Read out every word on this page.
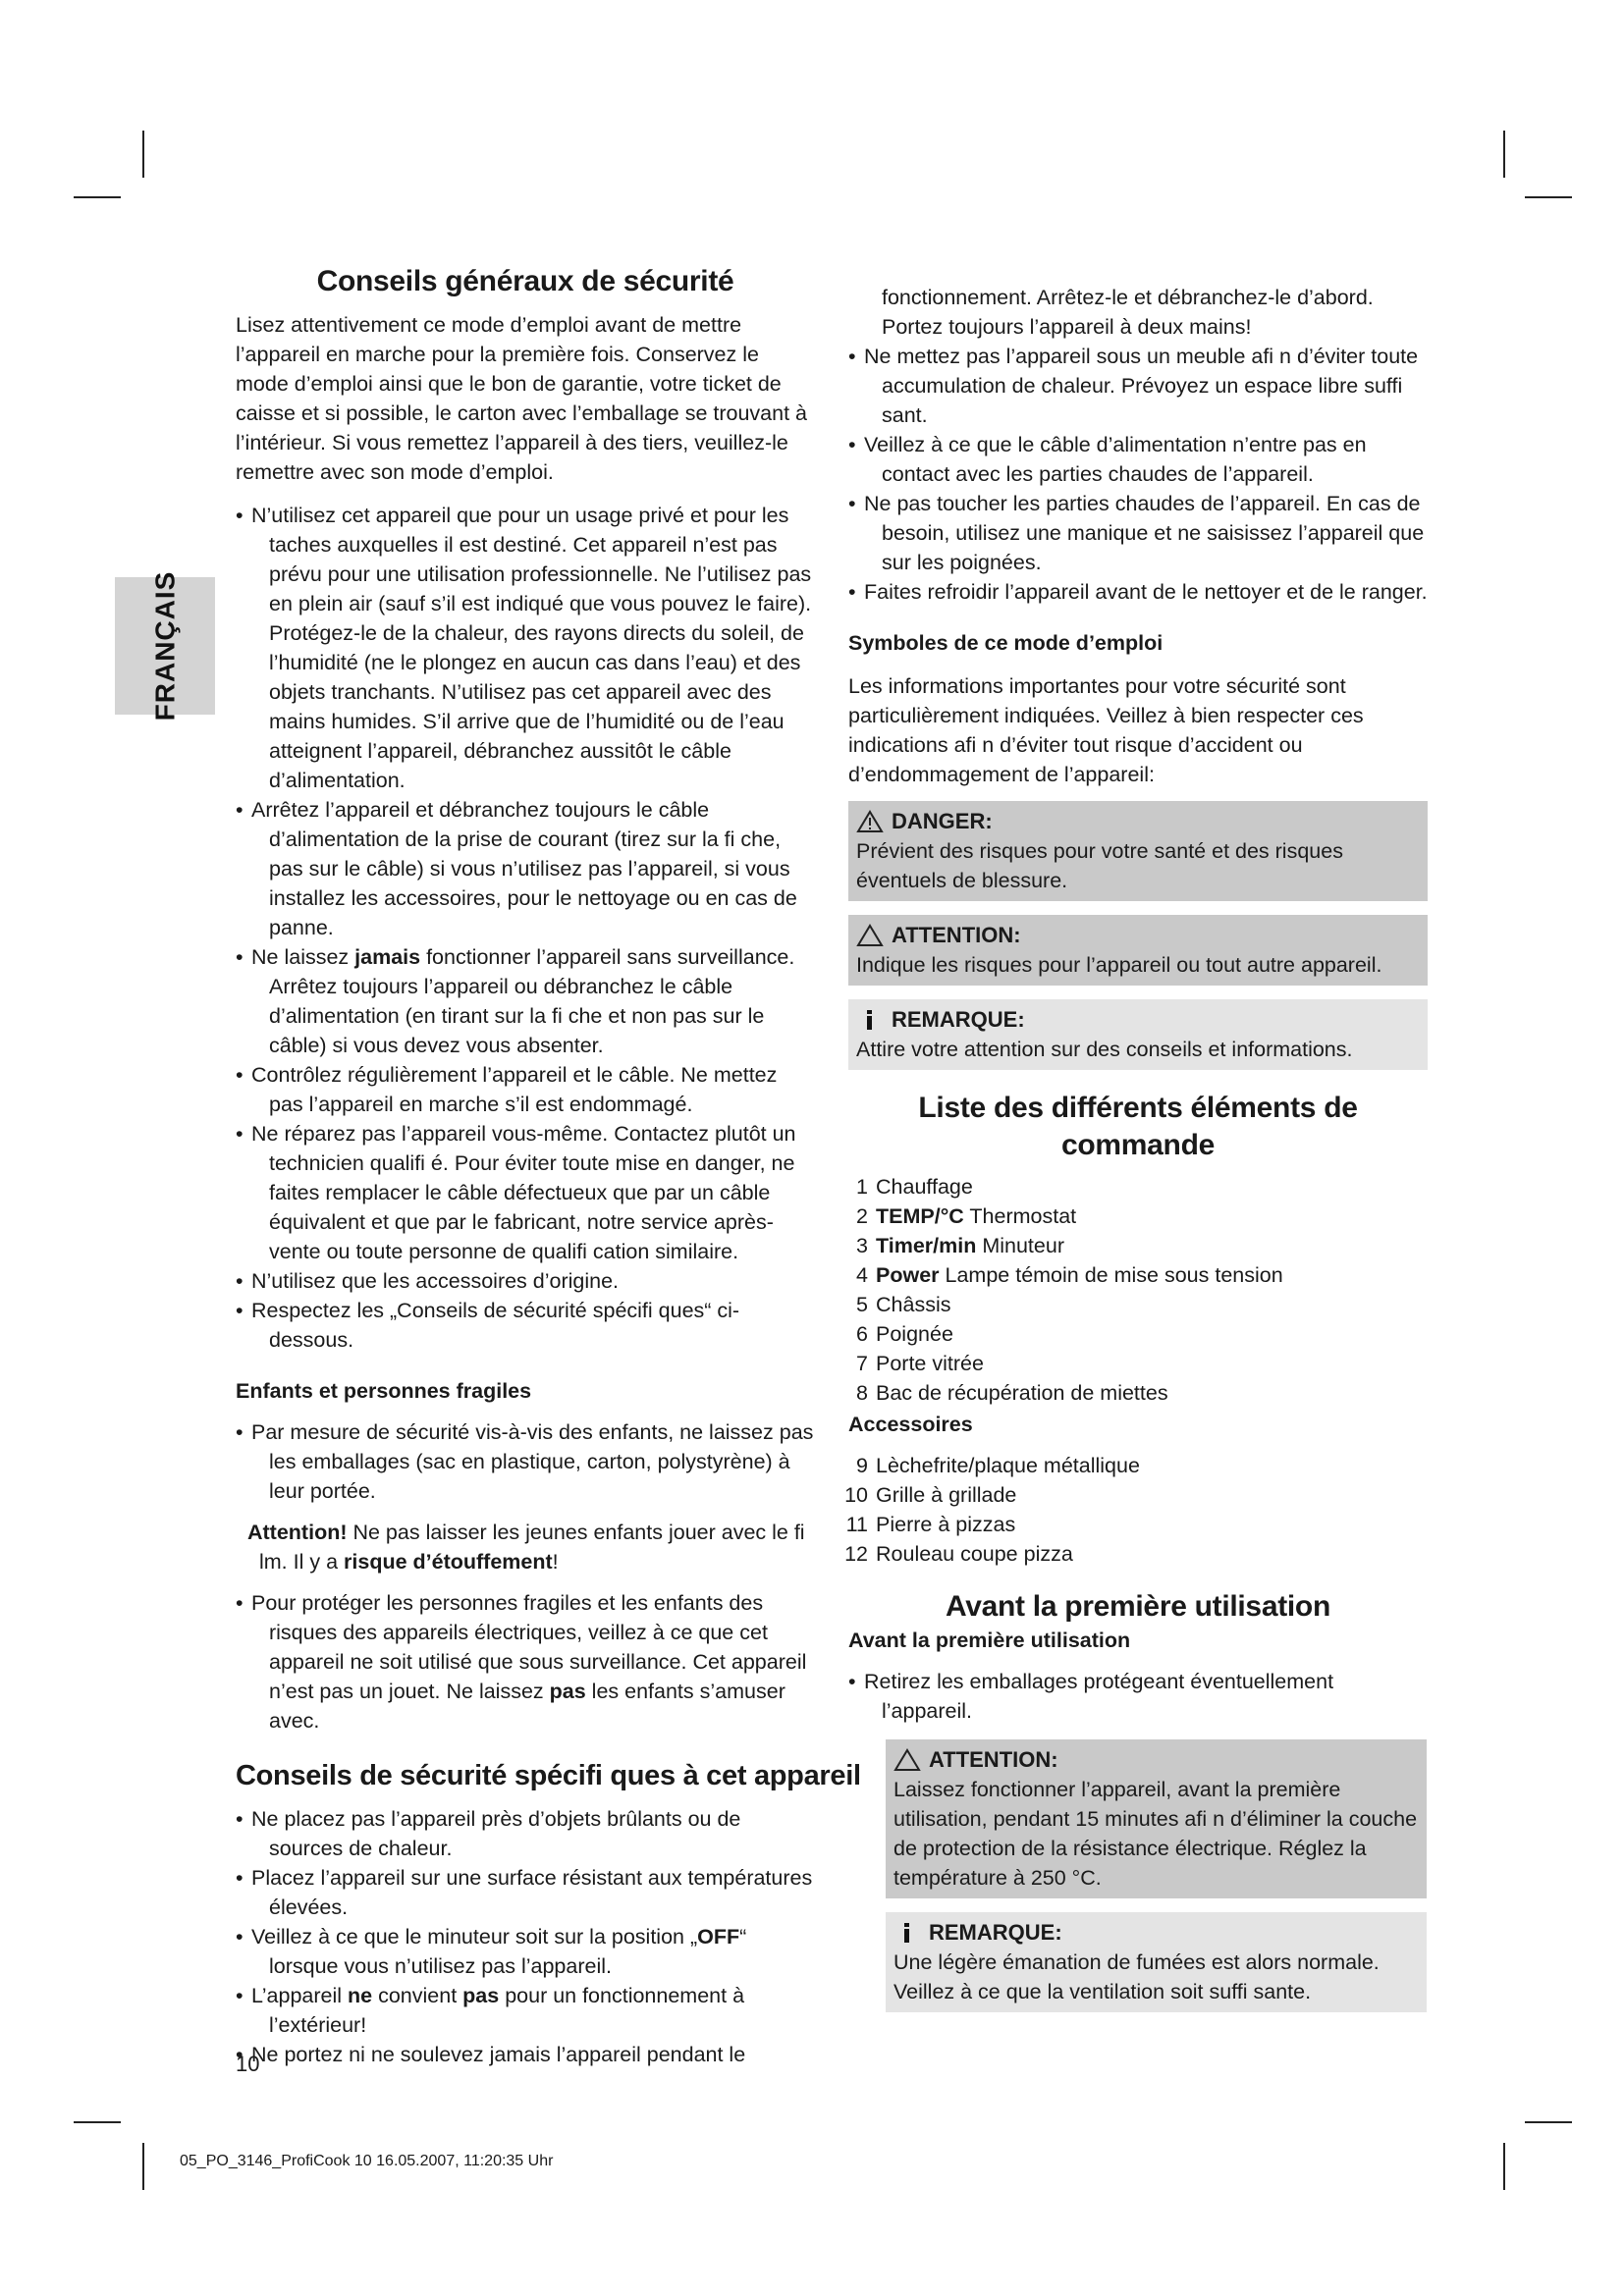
FRANÇAIS
Conseils généraux de sécurité

Lisez attentivement ce mode d’emploi avant de mettre l’appareil en marche pour la première fois. Conservez le mode d’emploi ainsi que le bon de garantie, votre ticket de caisse et si possible, le carton avec l’emballage se trouvant à l’intérieur. Si vous remettez l’appareil à des tiers, veuillez-le remettre avec son mode d’emploi.

• N’utilisez cet appareil que pour un usage privé et pour les taches auxquelles il est destiné. Cet appareil n’est pas prévu pour une utilisation professionnelle. Ne l’utilisez pas en plein air (sauf s’il est indiqué que vous pouvez le faire). Protégez-le de la chaleur, des rayons directs du soleil, de l’humidité (ne le plongez en aucun cas dans l’eau) et des objets tranchants. N’utilisez pas cet appareil avec des mains humides. S’il arrive que de l’humidité ou de l’eau atteignent l’appareil, débranchez aussitôt le câble d’alimentation.
• Arrêtez l’appareil et débranchez toujours le câble d’alimentation de la prise de courant (tirez sur la fi che, pas sur le câble) si vous n’utilisez pas l’appareil, si vous installez les accessoires, pour le nettoyage ou en cas de panne.
• Ne laissez jamais fonctionner l’appareil sans surveillance. Arrêtez toujours l’appareil ou débranchez le câble d’alimentation (en tirant sur la fi che et non pas sur le câble) si vous devez vous absenter.
• Contrôlez régulièrement l’appareil et le câble. Ne mettez pas l’appareil en marche s’il est endommagé.
• Ne réparez pas l’appareil vous-même. Contactez plutôt un technicien qualifi é. Pour éviter toute mise en danger, ne faites remplacer le câble défectueux que par un câble équivalent et que par le fabricant, notre service après-vente ou toute personne de qualifi cation similaire.
• N’utilisez que les accessoires d’origine.
• Respectez les „Conseils de sécurité spécifi ques“ ci-dessous.
Enfants et personnes fragiles
• Par mesure de sécurité vis-à-vis des enfants, ne laissez pas les emballages (sac en plastique, carton, polystyrène) à leur portée.

Attention! Ne pas laisser les jeunes enfants jouer avec le fi lm. Il y a risque d’étouffement!

• Pour protéger les personnes fragiles et les enfants des risques des appareils électriques, veillez à ce que cet appareil ne soit utilisé que sous surveillance. Cet appareil n’est pas un jouet. Ne laissez pas les enfants s’amuser avec.
Conseils de sécurité spécifi ques à cet appareil
• Ne placez pas l’appareil près d’objets brûlants ou de sources de chaleur.
• Placez l’appareil sur une surface résistant aux températures élevées.
• Veillez à ce que le minuteur soit sur la position „OFF“ lorsque vous n’utilisez pas l’appareil.
• L’appareil ne convient pas pour un fonctionnement à l’extérieur!
• Ne portez ni ne soulevez jamais l’appareil pendant le

fonctionnement. Arrêtez-le et débranchez-le d’abord. Portez toujours l’appareil à deux mains!

• Ne mettez pas l’appareil sous un meuble afi n d’éviter toute accumulation de chaleur. Prévoyez un espace libre suffi sant.
• Veillez à ce que le câble d’alimentation n’entre pas en contact avec les parties chaudes de l’appareil.
• Ne pas toucher les parties chaudes de l’appareil. En cas de besoin, utilisez une manique et ne saisissez l’appareil que sur les poignées.
• Faites refroidir l’appareil avant de le nettoyer et de le ranger.
Symboles de ce mode d’emploi

Les informations importantes pour votre sécurité sont particulièrement indiquées. Veillez à bien respecter ces indications afi n d’éviter tout risque d’accident ou d’endommagement de l’appareil:

DANGER:

Prévient des risques pour votre santé et des risques éventuels de blessure.

ATTENTION:

Indique les risques pour l’appareil ou tout autre appareil.

REMARQUE:

Attire votre attention sur des conseils et informations.

Liste des différents éléments de commande
1 Chauffage
2 TEMP/°C Thermostat
3 Timer/min Minuteur
4 Power Lampe témoin de mise sous tension
5 Châssis
6 Poignée
7 Porte vitrée
8 Bac de récupération de miettes
Accessoires
9 Lèchefrite/plaque métallique
10 Grille à grillade
11 Pierre à pizzas
12 Rouleau coupe pizza
Avant la première utilisation
Avant la première utilisation
• Retirez les emballages protégeant éventuellement l’appareil.
ATTENTION:

Laissez fonctionner l’appareil, avant la première utilisation, pendant 15 minutes afi n d’éliminer la couche de protection de la résistance électrique. Réglez la température à 250 °C.

REMARQUE:

Une légère émanation de fumées est alors normale. Veillez à ce que la ventilation soit suffi sante.

10
05_PO_3146_ProfiCook 10 16.05.2007, 11:20:35 Uhr
